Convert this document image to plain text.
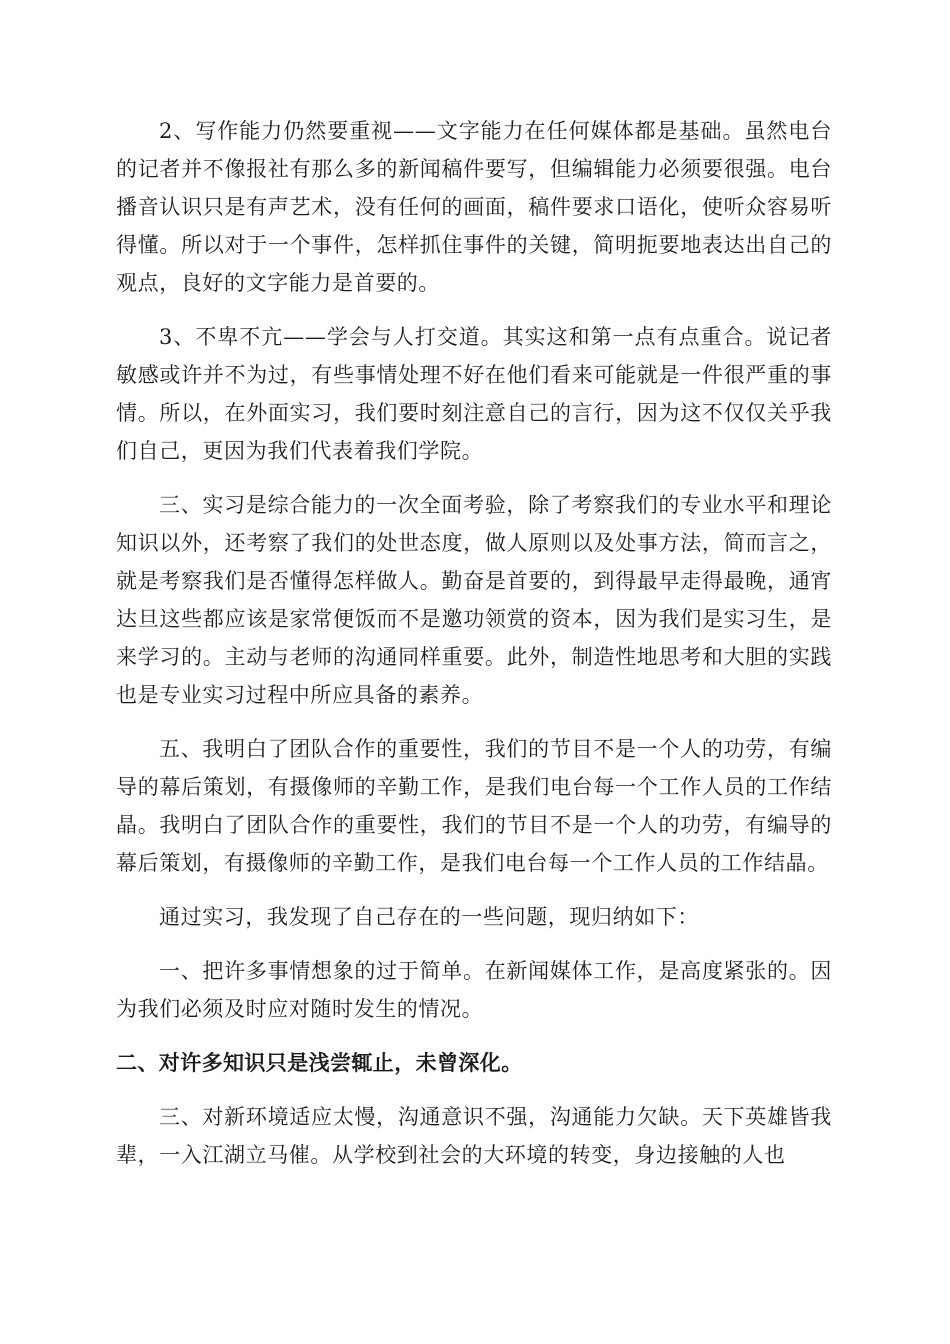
2、写作能力仍然要重视——文字能力在任何媒体都是基础。虽然电台的记者并不像报社有那么多的新闻稿件要写，但编辑能力必须要很强。电台播音认识只是有声艺术，没有任何的画面，稿件要求口语化，使听众容易听得懂。所以对于一个事件，怎样抓住事件的关键，简明扼要地表达出自己的观点，良好的文字能力是首要的。

3、不卑不亢——学会与人打交道。其实这和第一点有点重合。说记者敏感或许并不为过，有些事情处理不好在他们看来可能就是一件很严重的事情。所以，在外面实习，我们要时刻注意自己的言行，因为这不仅仅关乎我们自己，更因为我们代表着我们学院。

三、实习是综合能力的一次全面考验，除了考察我们的专业水平和理论知识以外，还考察了我们的处世态度，做人原则以及处事方法，简而言之，就是考察我们是否懂得怎样做人。勤奋是首要的，到得最早走得最晚，通宵达旦这些都应该是家常便饭而不是邀功领赏的资本，因为我们是实习生，是来学习的。主动与老师的沟通同样重要。此外，制造性地思考和大胆的实践也是专业实习过程中所应具备的素养。

五、我明白了团队合作的重要性，我们的节目不是一个人的功劳，有编导的幕后策划，有摄像师的辛勤工作，是我们电台每一个工作人员的工作结晶。我明白了团队合作的重要性，我们的节目不是一个人的功劳，有编导的幕后策划，有摄像师的辛勤工作，是我们电台每一个工作人员的工作结晶。

通过实习，我发现了自己存在的一些问题，现归纳如下：

一、把许多事情想象的过于简单。在新闻媒体工作，是高度紧张的。因为我们必须及时应对随时发生的情况。

二、对许多知识只是浅尝辄止，未曾深化。

三、对新环境适应太慢，沟通意识不强，沟通能力欠缺。天下英雄皆我辈，一入江湖立马催。从学校到社会的大环境的转变，身边接触的人也
